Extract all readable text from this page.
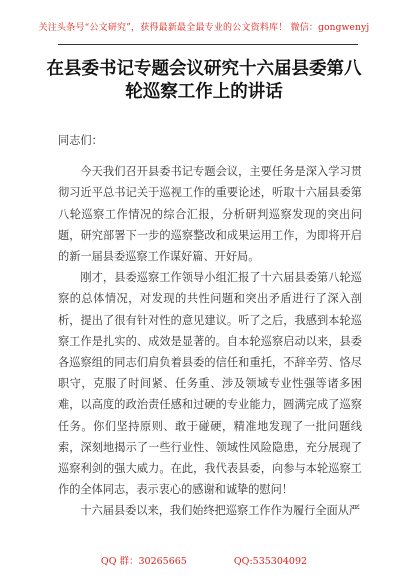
关注头条号“公文研究”，获得最新最全最专业的公文资料库！ 微信：gongwenyj
在县委书记专题会议研究十六届县委第八
轮巡察工作上的讲话

同志们：

今天我们召开县委书记专题会议，主要任务是深入学习贯彻习近平总书记关于巡视工作的重要论述，听取十六届县委第八轮巡察工作情况的综合汇报，分析研判巡察发现的突出问题，研究部署下一步的巡察整改和成果运用工作，为即将开启的新一届县委巡察工作谋好篇、开好局。

刚才，县委巡察工作领导小组汇报了十六届县委第八轮巡察的总体情况，对发现的共性问题和突出矛盾进行了深入剖析，提出了很有针对性的意见建议。听了之后，我感到本轮巡察工作是扎实的、成效是显著的。自本轮巡察启动以来，县委各巡察组的同志们肩负着县委的信任和重托，不辞辛劳、恪尽职守，克服了时间紧、任务重、涉及领域专业性强等诸多困难，以高度的政治责任感和过硬的专业能力，圆满完成了巡察任务。你们坚持原则、敢于碰硬，精准地发现了一批问题线索，深刻地揭示了一些行业性、领域性风险隐患，充分展现了巡察利剑的强大威力。在此，我代表县委，向参与本轮巡察工作的全体同志，表示衷心的感谢和诚挚的慰问！

十六届县委以来，我们始终把巡察工作作为履行全面从严

QQ 群：30265665	QQ:535304092
